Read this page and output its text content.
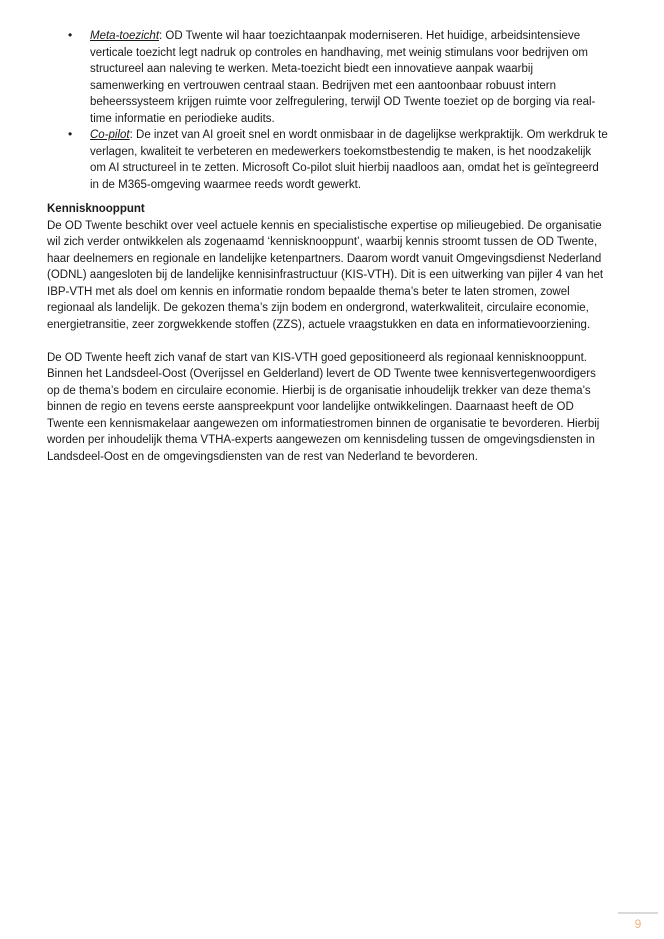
• Meta-toezicht: OD Twente wil haar toezichtaanpak moderniseren. Het huidige, arbeidsintensieve verticale toezicht legt nadruk op controles en handhaving, met weinig stimulans voor bedrijven om structureel aan naleving te werken. Meta-toezicht biedt een innovatieve aanpak waarbij samenwerking en vertrouwen centraal staan. Bedrijven met een aantoonbaar robuust intern beheerssysteem krijgen ruimte voor zelfregulering, terwijl OD Twente toeziet op de borging via real-time informatie en periodieke audits.
• Co-pilot: De inzet van AI groeit snel en wordt onmisbaar in de dagelijkse werkpraktijk. Om werkdruk te verlagen, kwaliteit te verbeteren en medewerkers toekomstbestendig te maken, is het noodzakelijk om AI structureel in te zetten. Microsoft Co-pilot sluit hierbij naadloos aan, omdat het is geïntegreerd in de M365-omgeving waarmee reeds wordt gewerkt.
Kennisknooppunt

De OD Twente beschikt over veel actuele kennis en specialistische expertise op milieugebied. De organisatie wil zich verder ontwikkelen als zogenaamd ‘kennisknooppunt’, waarbij kennis stroomt tussen de OD Twente, haar deelnemers en regionale en landelijke ketenpartners. Daarom wordt vanuit Omgevingsdienst Nederland (ODNL) aangesloten bij de landelijke kennisinfrastructuur (KIS-VTH). Dit is een uitwerking van pijler 4 van het IBP-VTH met als doel om kennis en informatie rondom bepaalde thema’s beter te laten stromen, zowel regionaal als landelijk. De gekozen thema’s zijn bodem en ondergrond, waterkwaliteit, circulaire economie, energietransitie, zeer zorgwekkende stoffen (ZZS), actuele vraagstukken en data en informatievoorziening.

De OD Twente heeft zich vanaf de start van KIS-VTH goed gepositioneerd als regionaal kennisknooppunt. Binnen het Landsdeel-Oost (Overijssel en Gelderland) levert de OD Twente twee kennisvertegenwoordigers op de thema’s bodem en circulaire economie. Hierbij is de organisatie inhoudelijk trekker van deze thema’s binnen de regio en tevens eerste aanspreekpunt voor landelijke ontwikkelingen. Daarnaast heeft de OD Twente een kennismakelaar aangewezen om informatiestromen binnen de organisatie te bevorderen. Hierbij worden per inhoudelijk thema VTHA-experts aangewezen om kennisdeling tussen de omgevingsdiensten in Landsdeel-Oost en de omgevingsdiensten van de rest van Nederland te bevorderen.

9
